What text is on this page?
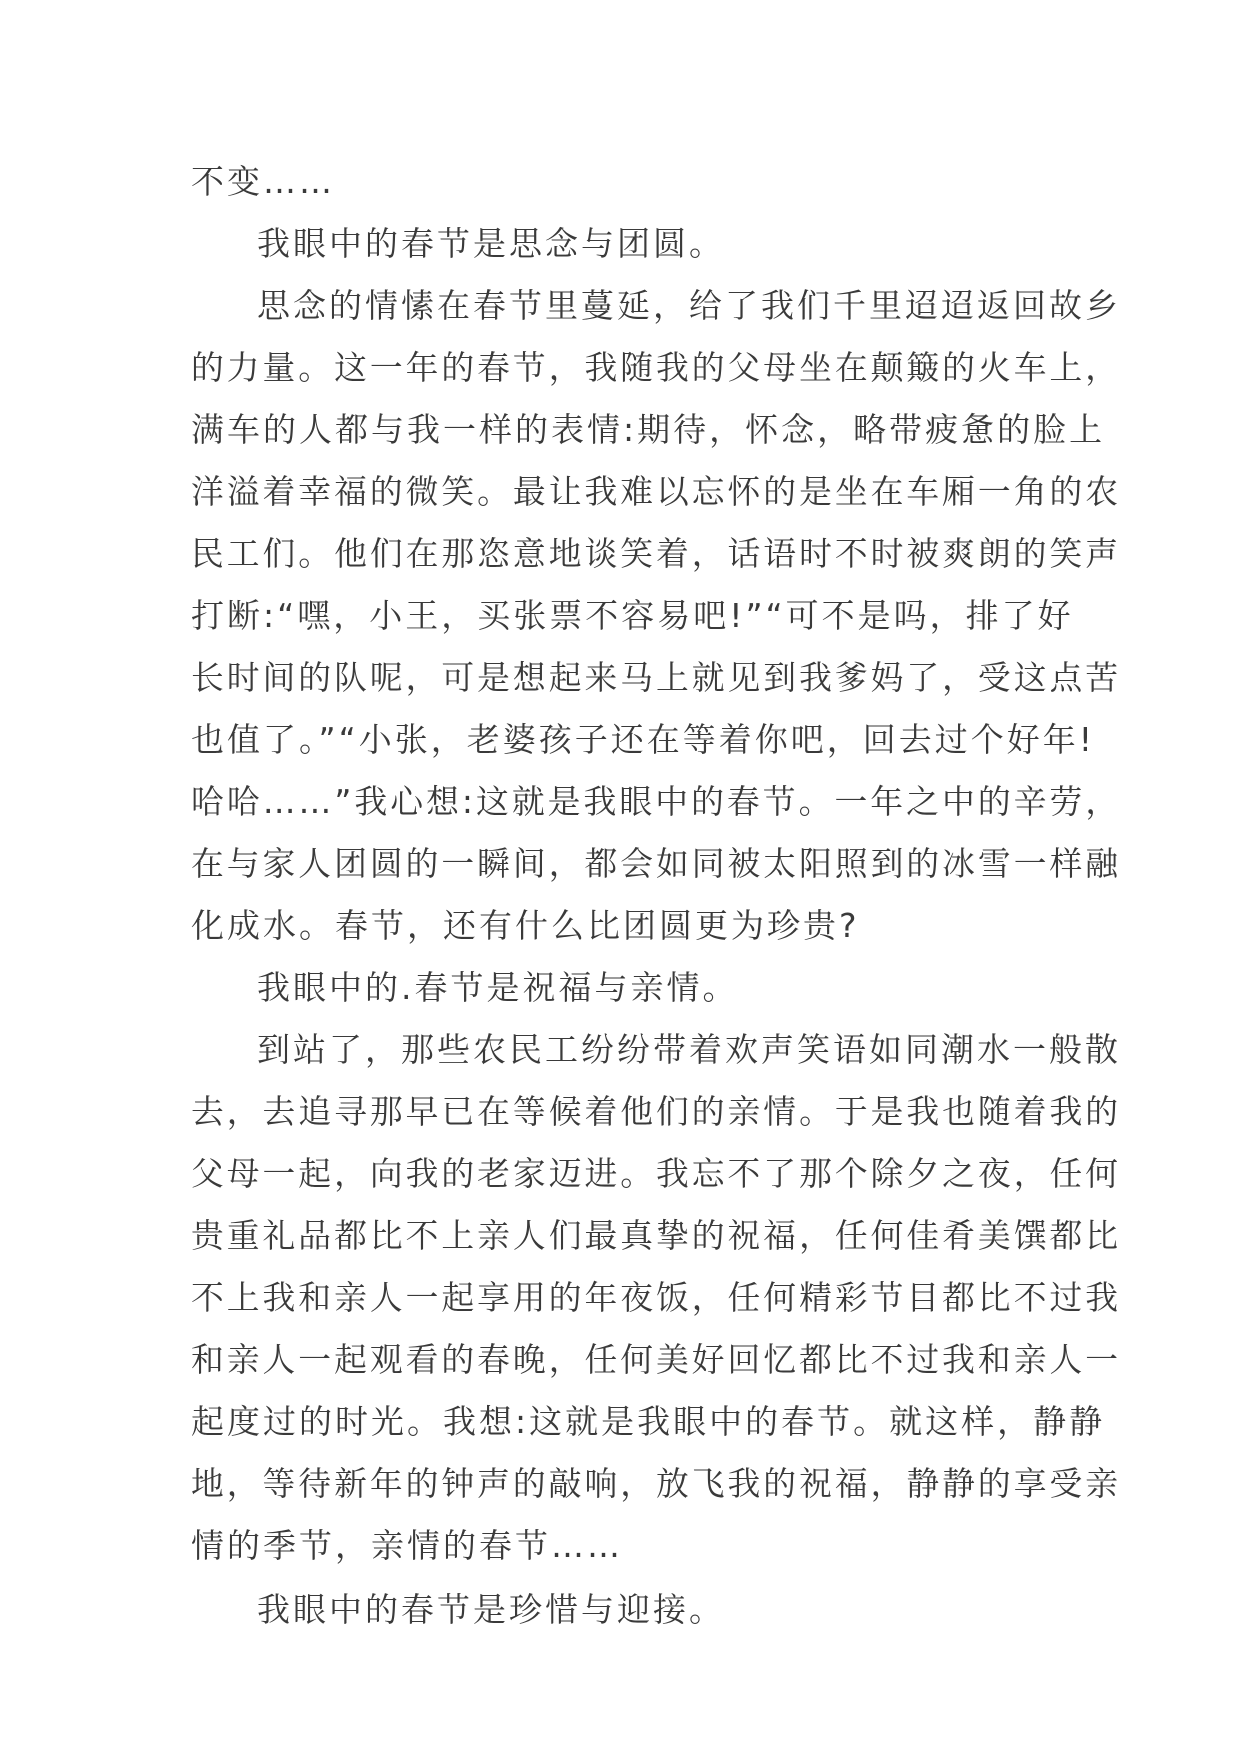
不变……
我眼中的春节是思念与团圆。
思念的情愫在春节里蔓延，给了我们千里迢迢返回故乡
的力量。这一年的春节，我随我的父母坐在颠簸的火车上，
满车的人都与我一样的表情:期待，怀念，略带疲惫的脸上
洋溢着幸福的微笑。最让我难以忘怀的是坐在车厢一角的农
民工们。他们在那恣意地谈笑着，话语时不时被爽朗的笑声
打断:“嘿，小王，买张票不容易吧!”“可不是吗，排了好
长时间的队呢，可是想起来马上就见到我爹妈了，受这点苦
也值了。”“小张，老婆孩子还在等着你吧，回去过个好年!
哈哈……”我心想:这就是我眼中的春节。一年之中的辛劳，
在与家人团圆的一瞬间，都会如同被太阳照到的冰雪一样融
化成水。春节，还有什么比团圆更为珍贵?
我眼中的.春节是祝福与亲情。
到站了，那些农民工纷纷带着欢声笑语如同潮水一般散
去，去追寻那早已在等候着他们的亲情。于是我也随着我的
父母一起，向我的老家迈进。我忘不了那个除夕之夜，任何
贵重礼品都比不上亲人们最真挚的祝福，任何佳肴美馔都比
不上我和亲人一起享用的年夜饭，任何精彩节目都比不过我
和亲人一起观看的春晚，任何美好回忆都比不过我和亲人一
起度过的时光。我想:这就是我眼中的春节。就这样，静静
地，等待新年的钟声的敲响，放飞我的祝福，静静的享受亲
情的季节，亲情的春节……
我眼中的春节是珍惜与迎接。
